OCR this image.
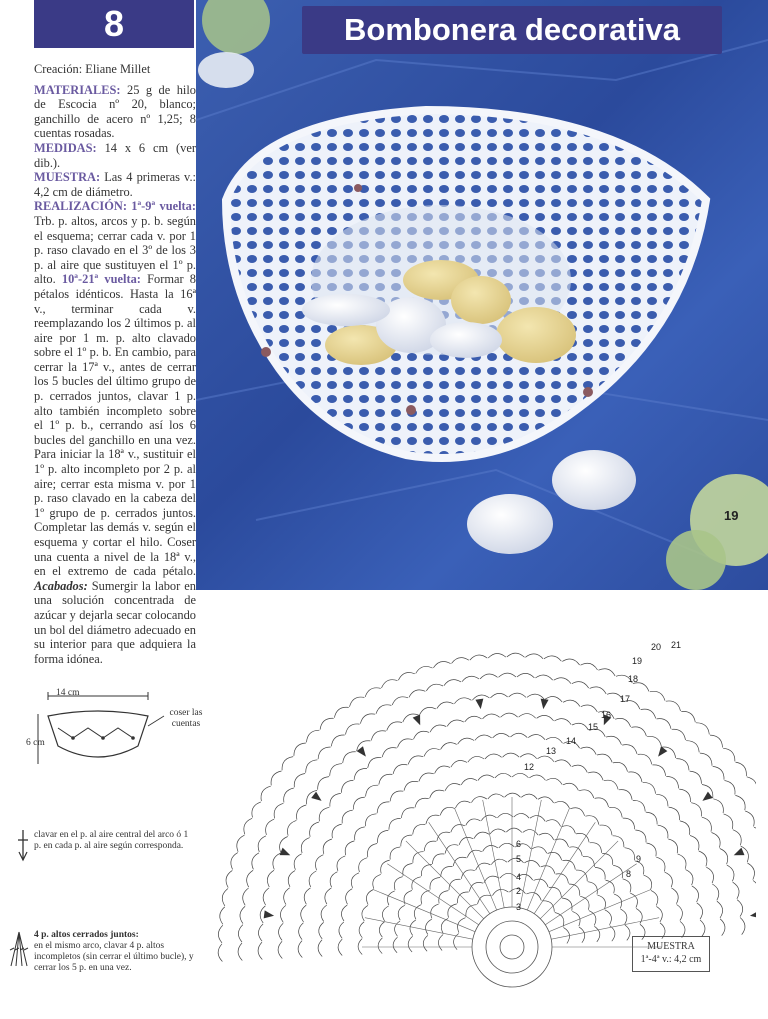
8	Bombonera decorativa

Creación: Eliane Millet

MATERIALES: 25 g de hilo de Escocia nº 20, blanco; ganchillo de acero nº 1,25; 8 cuentas rosadas.
MEDIDAS: 14 x 6 cm (ver dib.).
MUESTRA: Las 4 primeras v.: 4,2 cm de diámetro.
REALIZACIÓN: 1ª-9ª vuelta: Trb. p. altos, arcos y p. b. según el esquema; cerrar cada v. por 1 p. raso clavado en el 3º de los 3 p. al aire que sustituyen el 1º p. alto. 10ª-21ª vuelta: Formar 8 pétalos idénticos. Hasta la 16ª v., terminar cada v. reemplazando los 2 últimos p. al aire por 1 m. p. alto clavado sobre el 1º p. b. En cambio, para cerrar la 17ª v., antes de cerrar los 5 bucles del último grupo de p. cerrados juntos, clavar 1 p. alto también incompleto sobre el 1º p. b., cerrando así los 6 bucles del ganchillo en una vez. Para iniciar la 18ª v., sustituir el 1º p. alto incompleto por 2 p. al aire; cerrar esta misma v. por 1 p. raso clavado en la cabeza del 1º grupo de p. cerrados juntos. Completar las demás v. según el esquema y cortar el hilo. Coser una cuenta a nivel de la 18ª v., en el extremo de cada pétalo. Acabados: Sumergir la labor en una solución concentrada de azúcar y dejarla secar colocando un bol del diámetro adecuado en su interior para que adquiera la forma idónea.

19
14 cm
6 cm
coser las cuentas
clavar en el p. al aire central del arco ó 1 p. en cada p. al aire según corresponda.
4 p. altos cerrados juntos:
en el mismo arco, clavar 4 p. altos incompletos (sin cerrar el último bucle), y cerrar los 5 p. en una vez.
MUESTRA
1ª-4ª v.: 4,2 cm
2
3
4
5
6
8
9
12
13
14
15
16
17
18
19
20 21
